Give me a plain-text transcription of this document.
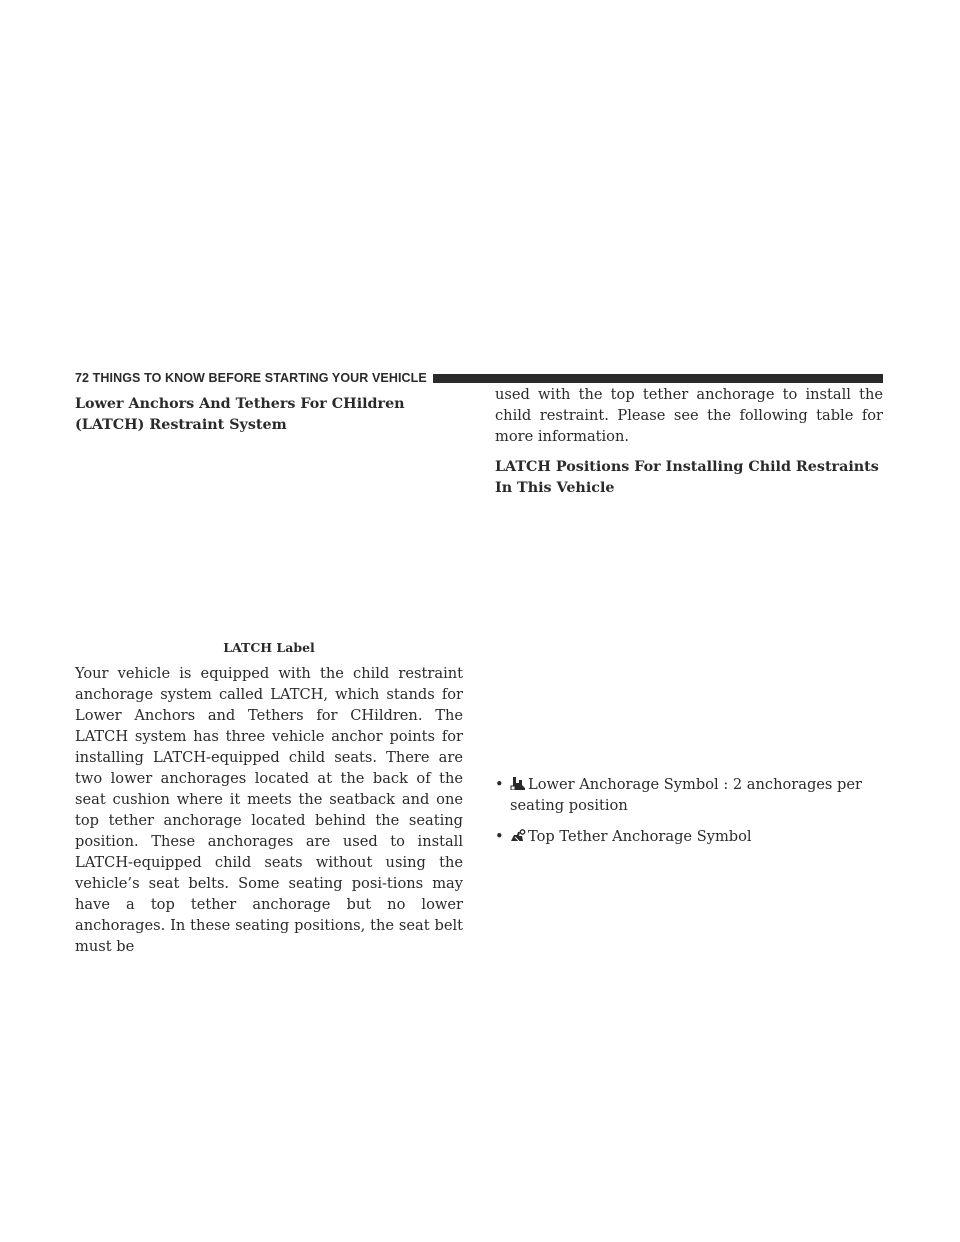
72 THINGS TO KNOW BEFORE STARTING YOUR VEHICLE
Lower Anchors And Tethers For CHildren (LATCH) Restraint System

LATCH Label

Your vehicle is equipped with the child restraint anchorage system called LATCH, which stands for Lower Anchors and Tethers for CHildren. The LATCH system has three vehicle anchor points for installing LATCH-equipped child seats. There are two lower anchorages located at the back of the seat cushion where it meets the seatback and one top tether anchorage located behind the seating position. These anchorages are used to install LATCH-equipped child seats without using the vehicle’s seat belts. Some seating posi-tions may have a top tether anchorage but no lower anchorages. In these seating positions, the seat belt must be

used with the top tether anchorage to install the child restraint. Please see the following table for more information.

LATCH Positions For Installing Child Restraints In This Vehicle
• Lower Anchorage Symbol : 2 anchorages per seating position
• Top Tether Anchorage Symbol
